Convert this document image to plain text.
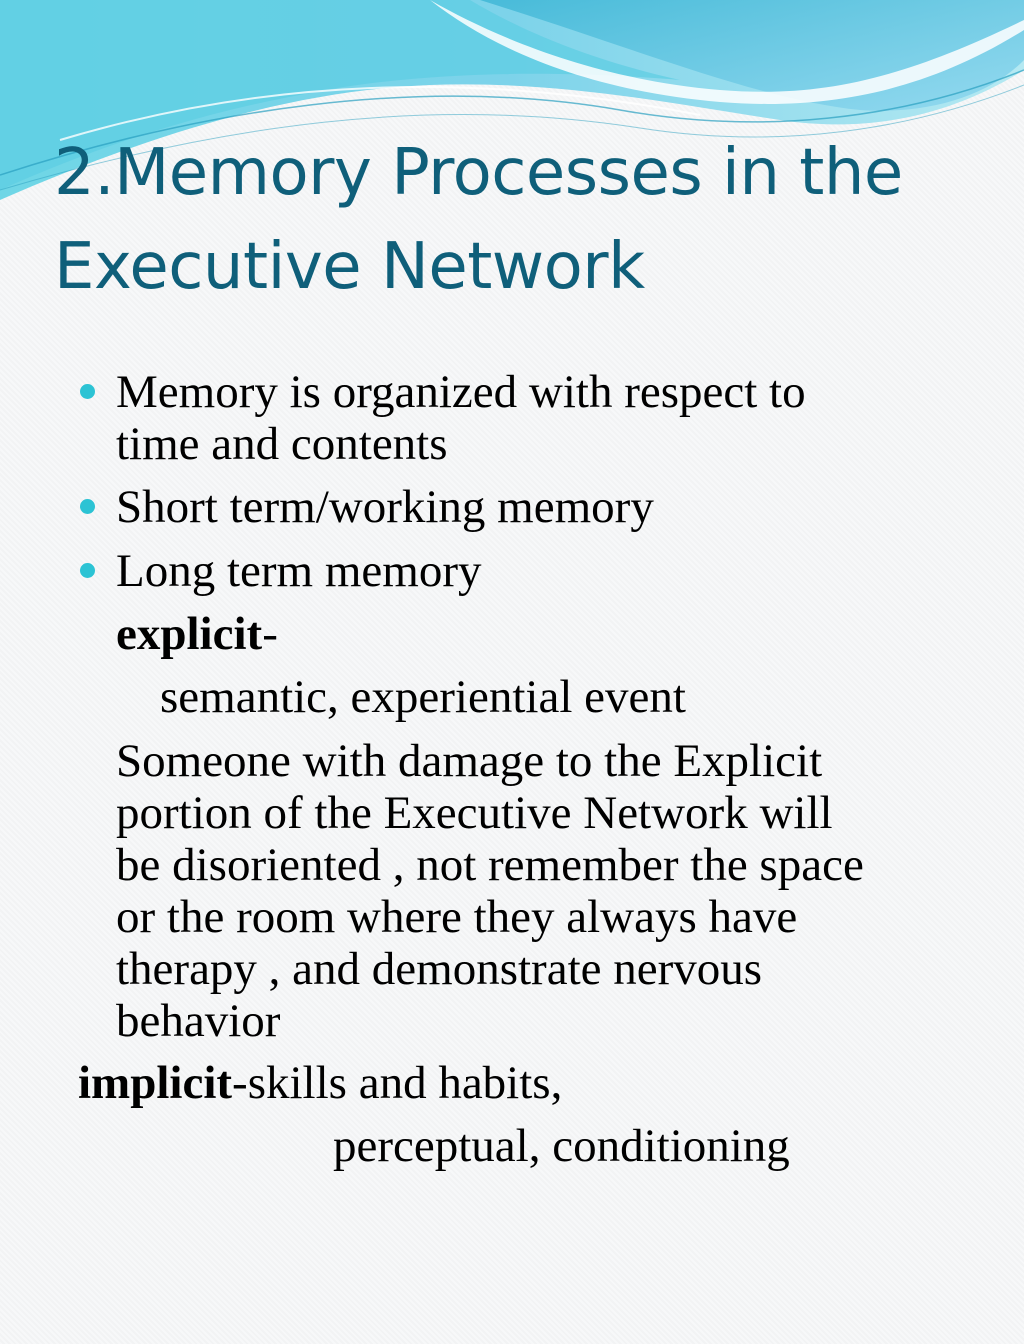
2.Memory Processes in the
Executive Network
Memory is organized with respect to
time and contents
Short term/working memory
Long term memory
explicit-
semantic, experiential event
Someone with damage to the Explicit
portion of the Executive Network will
be disoriented , not remember the space
or the room where they always have
therapy , and demonstrate nervous
behavior
implicit-skills and habits,
perceptual, conditioning
